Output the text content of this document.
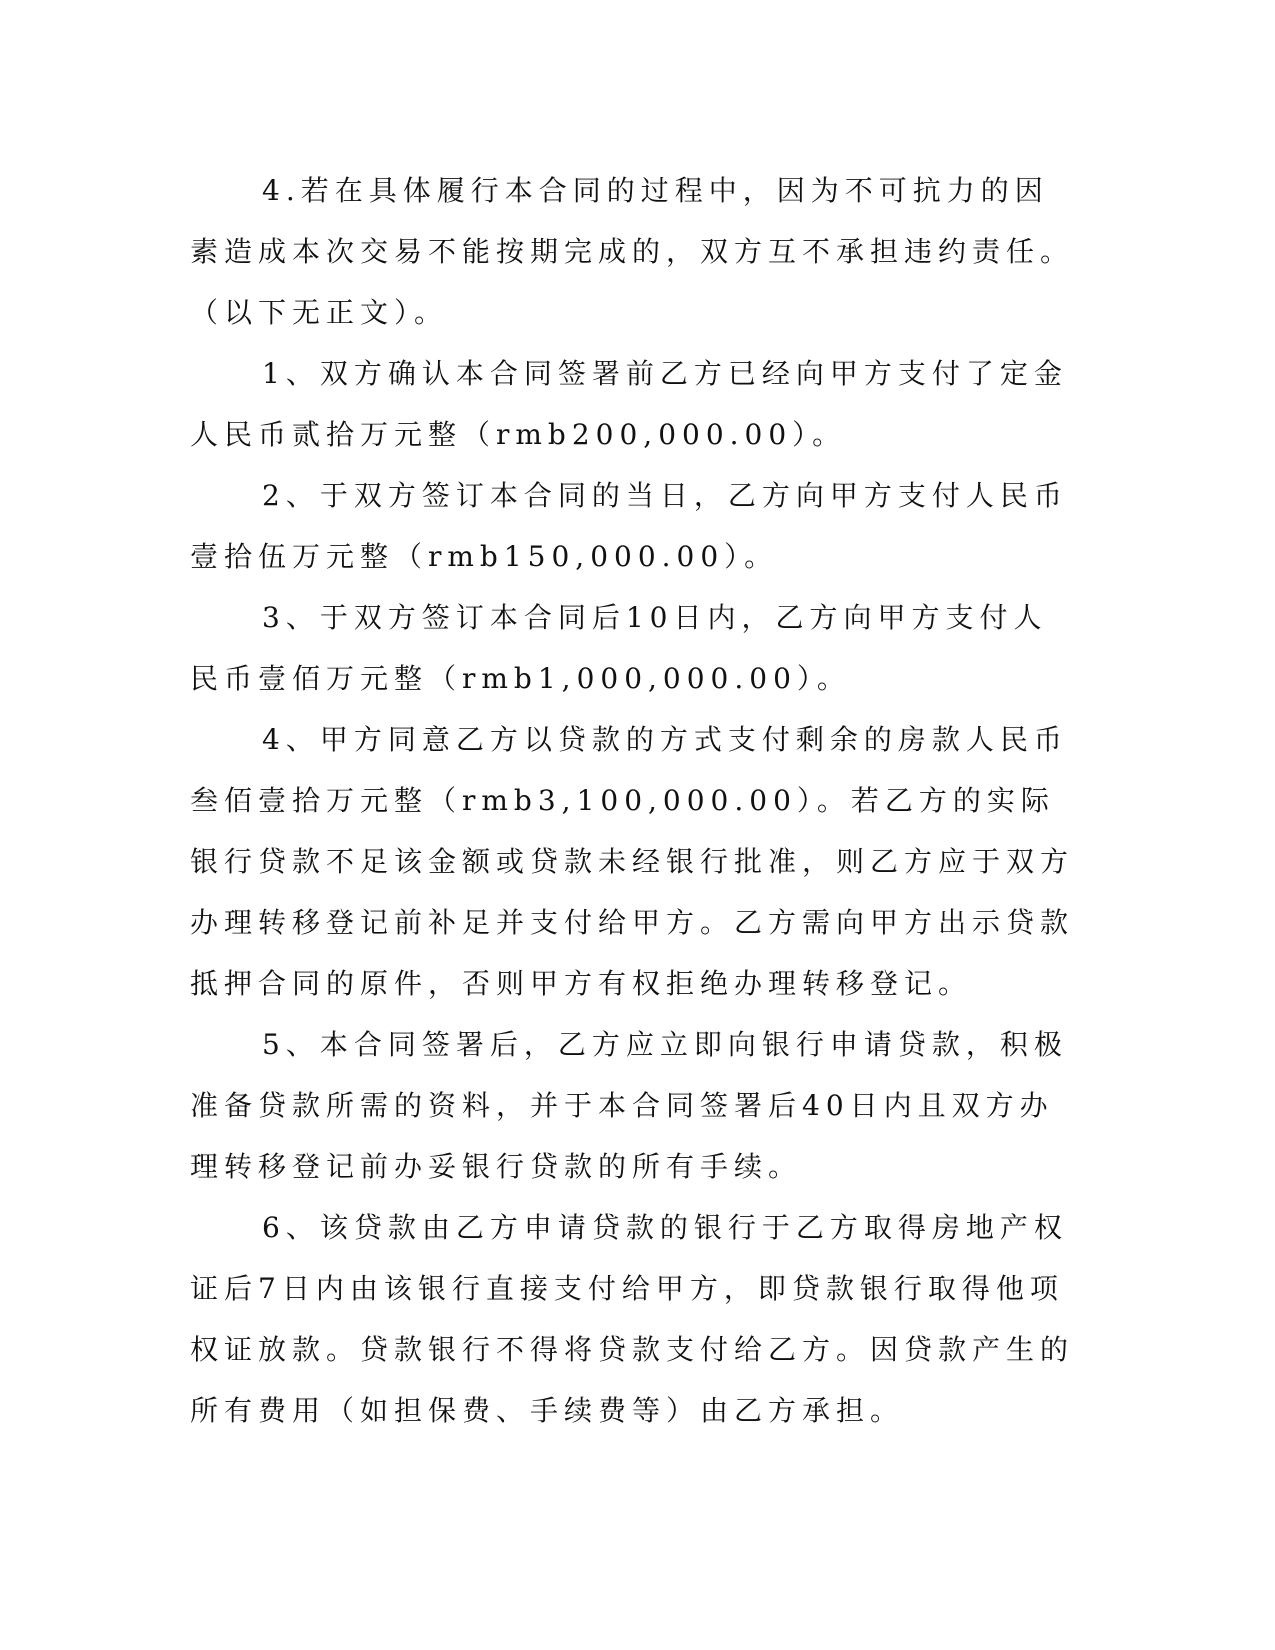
4.若在具体履行本合同的过程中，因为不可抗力的因素造成本次交易不能按期完成的，双方互不承担违约责任。（以下无正文）。

1、双方确认本合同签署前乙方已经向甲方支付了定金人民币贰拾万元整（rmb200,000.00）。

2、于双方签订本合同的当日，乙方向甲方支付人民币壹拾伍万元整（rmb150,000.00）。

3、于双方签订本合同后10日内，乙方向甲方支付人民币壹佰万元整（rmb1,000,000.00）。

4、甲方同意乙方以贷款的方式支付剩余的房款人民币叁佰壹拾万元整（rmb3,100,000.00）。若乙方的实际银行贷款不足该金额或贷款未经银行批准，则乙方应于双方办理转移登记前补足并支付给甲方。乙方需向甲方出示贷款抵押合同的原件，否则甲方有权拒绝办理转移登记。

5、本合同签署后，乙方应立即向银行申请贷款，积极准备贷款所需的资料，并于本合同签署后40日内且双方办理转移登记前办妥银行贷款的所有手续。

6、该贷款由乙方申请贷款的银行于乙方取得房地产权证后7日内由该银行直接支付给甲方，即贷款银行取得他项权证放款。贷款银行不得将贷款支付给乙方。因贷款产生的所有费用（如担保费、手续费等）由乙方承担。
